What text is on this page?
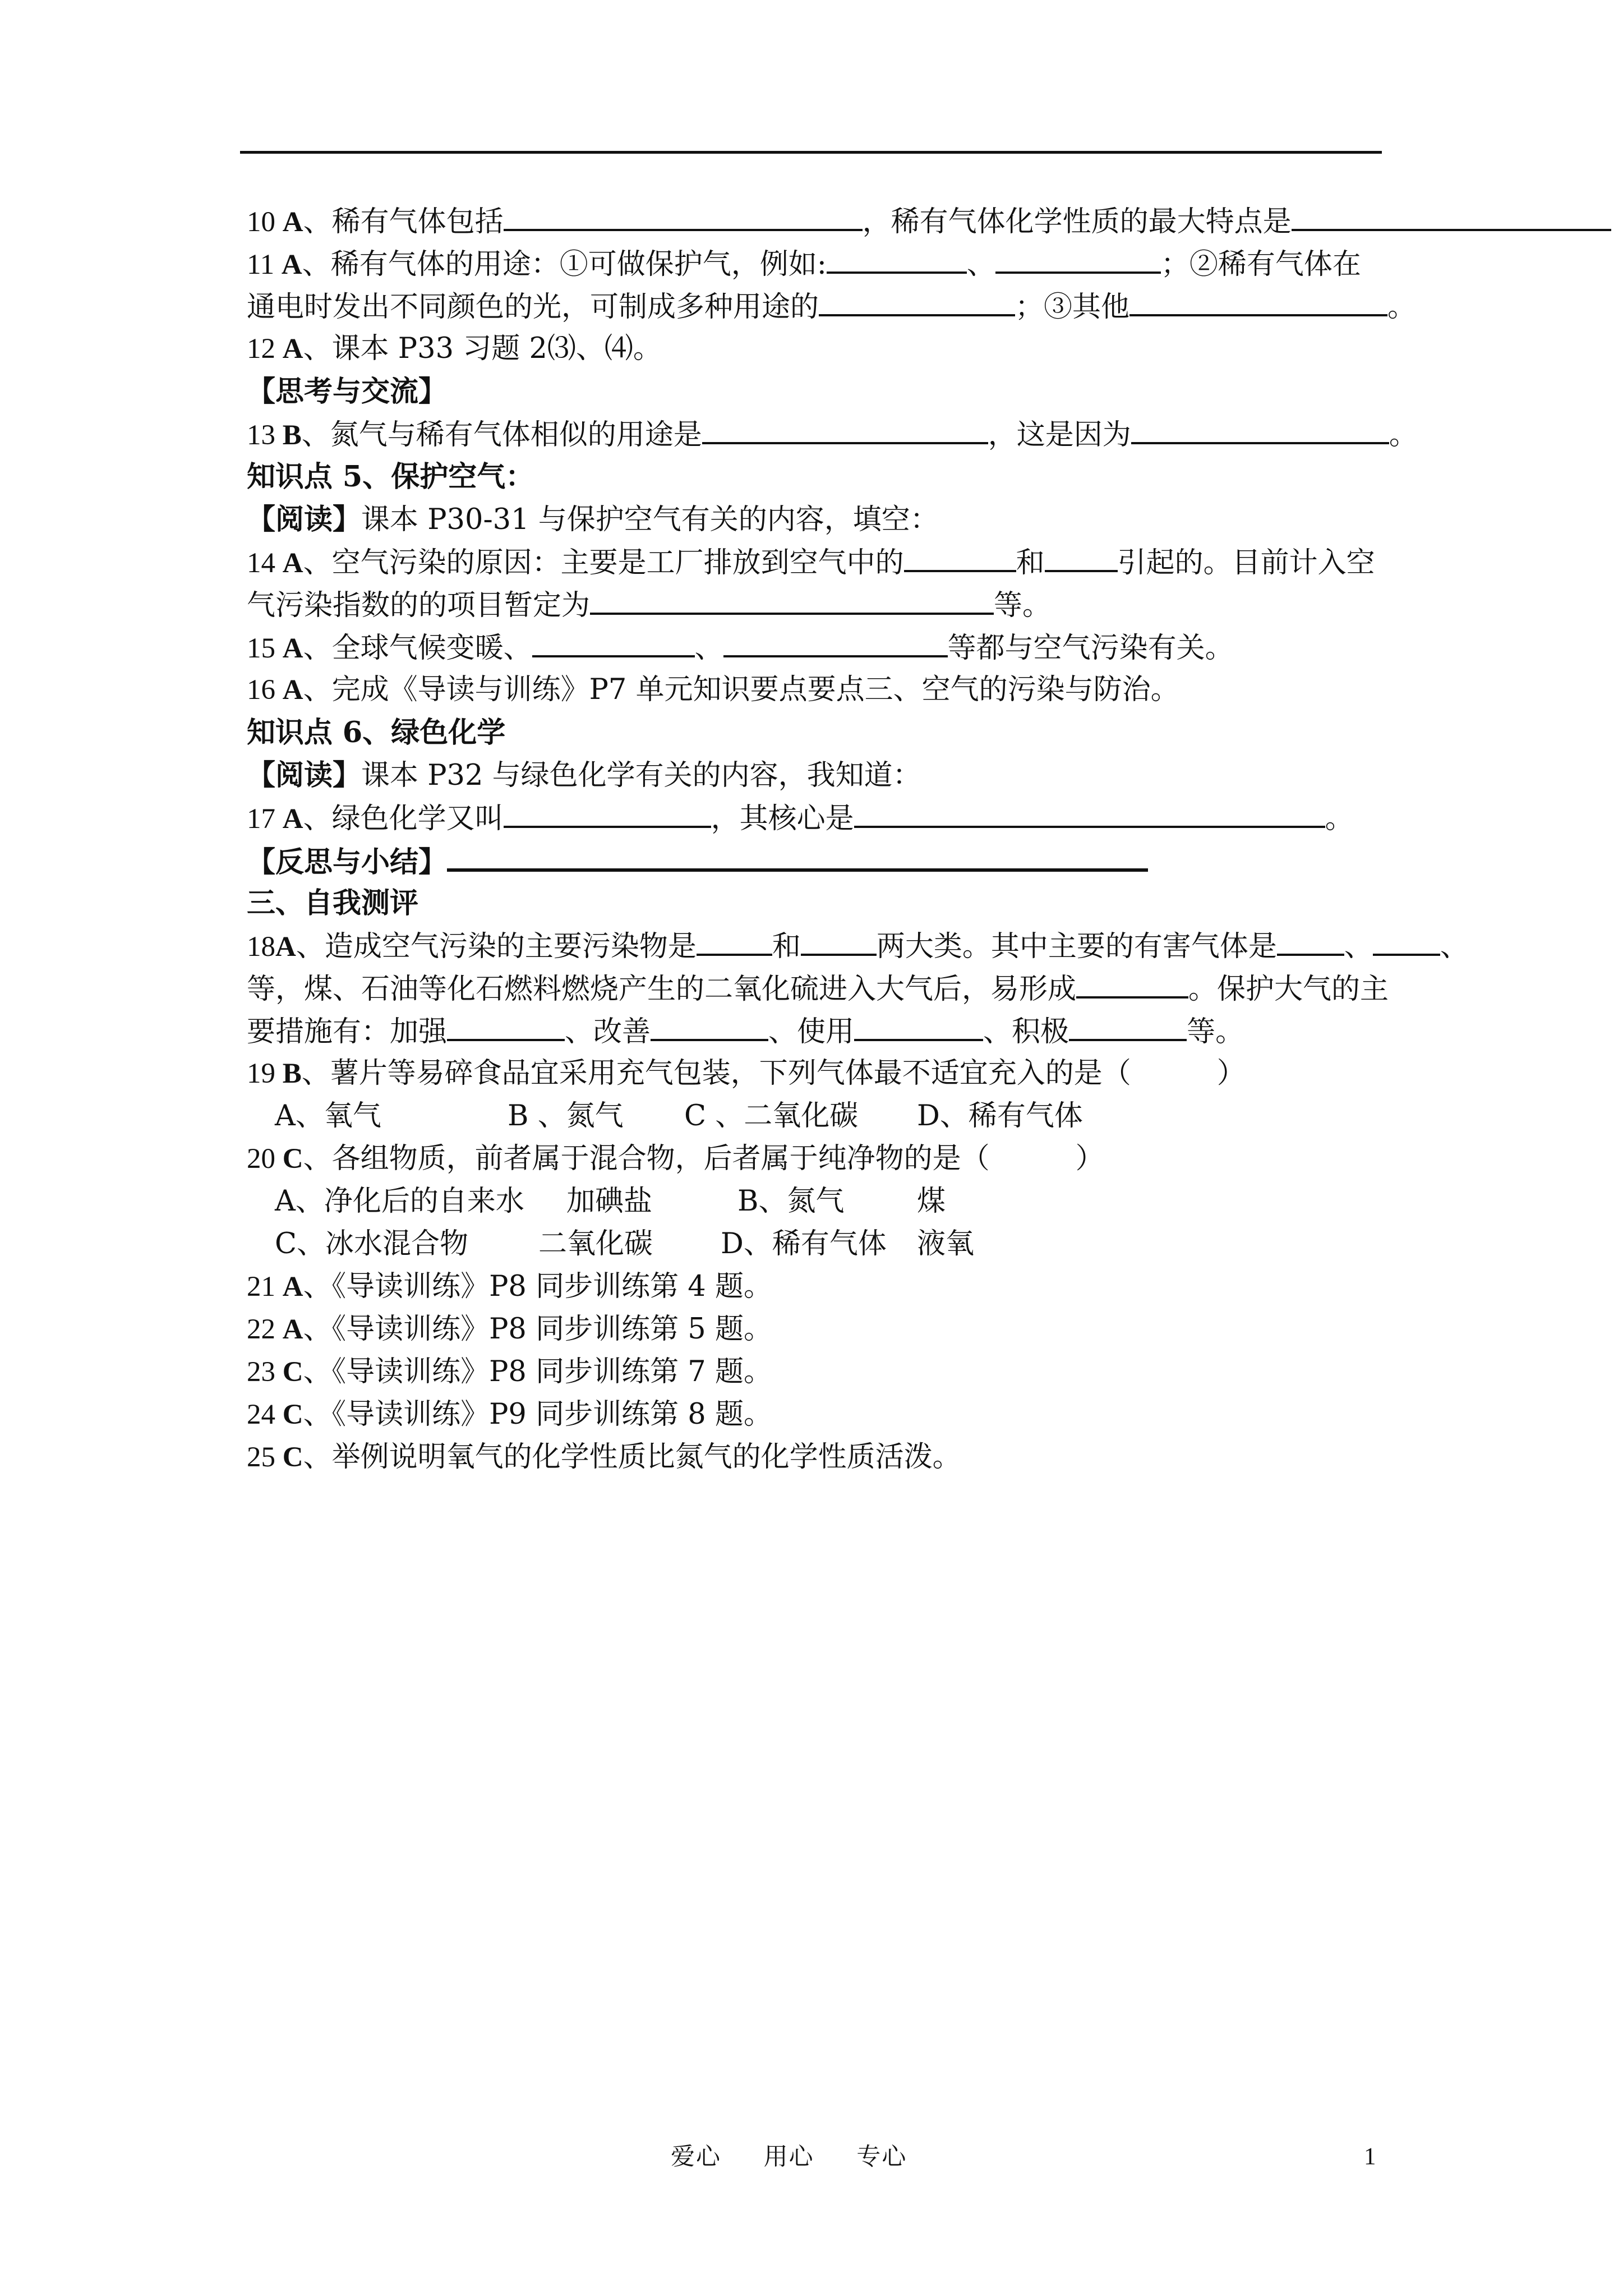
10 A、稀有气体包括	，稀有气体化学性质的最大特点是
11 A、稀有气体的用途：①可做保护气，例如:	、	；②稀有气体在
通电时发出不同颜色的光，可制成多种用途的	；③其他	。
12 A、课本 P33 习题 2⑶、⑷。
【思考与交流】
13 B、氮气与稀有气体相似的用途是	，这是因为	。
知识点 5、保护空气：
【阅读】课本 P30-31 与保护空气有关的内容，填空：
14 A、空气污染的原因：主要是工厂排放到空气中的	和	引起的。目前计入空
气污染指数的的项目暂定为	等。
15 A、全球气候变暖、	、	等都与空气污染有关。
16 A、完成《导读与训练》P7 单元知识要点要点三、空气的污染与防治。
知识点 6、绿色化学
【阅读】课本 P32 与绿色化学有关的内容，我知道：
17 A、绿色化学又叫	，其核心是	。
【反思与小结】
三、自我测评
18A、造成空气污染的主要污染物是	和	两大类。其中主要的有害气体是 、 、
等，煤、石油等化石燃料燃烧产生的二氧化硫进入大气后，易形成	。保护大气的主
要措施有：加强	、改善	、使用	、积极	等。
19 B、薯片等易碎食品宜采用充气包装，下列气体最不适宜充入的是（　　　）
A、氧气	B 、氮气 C 、二氧化碳 D、稀有气体
20 C、各组物质，前者属于混合物，后者属于纯净物的是（　　　）
A、净化后的自来水 加碘盐	B、氮气	煤
C、冰水混合物 二氧化碳 D、稀有气体 液氧
21 A、《导读训练》P8 同步训练第 4 题。
22 A、《导读训练》P8 同步训练第 5 题。
23 C、《导读训练》P8 同步训练第 7 题。
24 C、《导读训练》P9 同步训练第 8 题。
25 C、举例说明氧气的化学性质比氮气的化学性质活泼。
爱心 用心 专心	1
